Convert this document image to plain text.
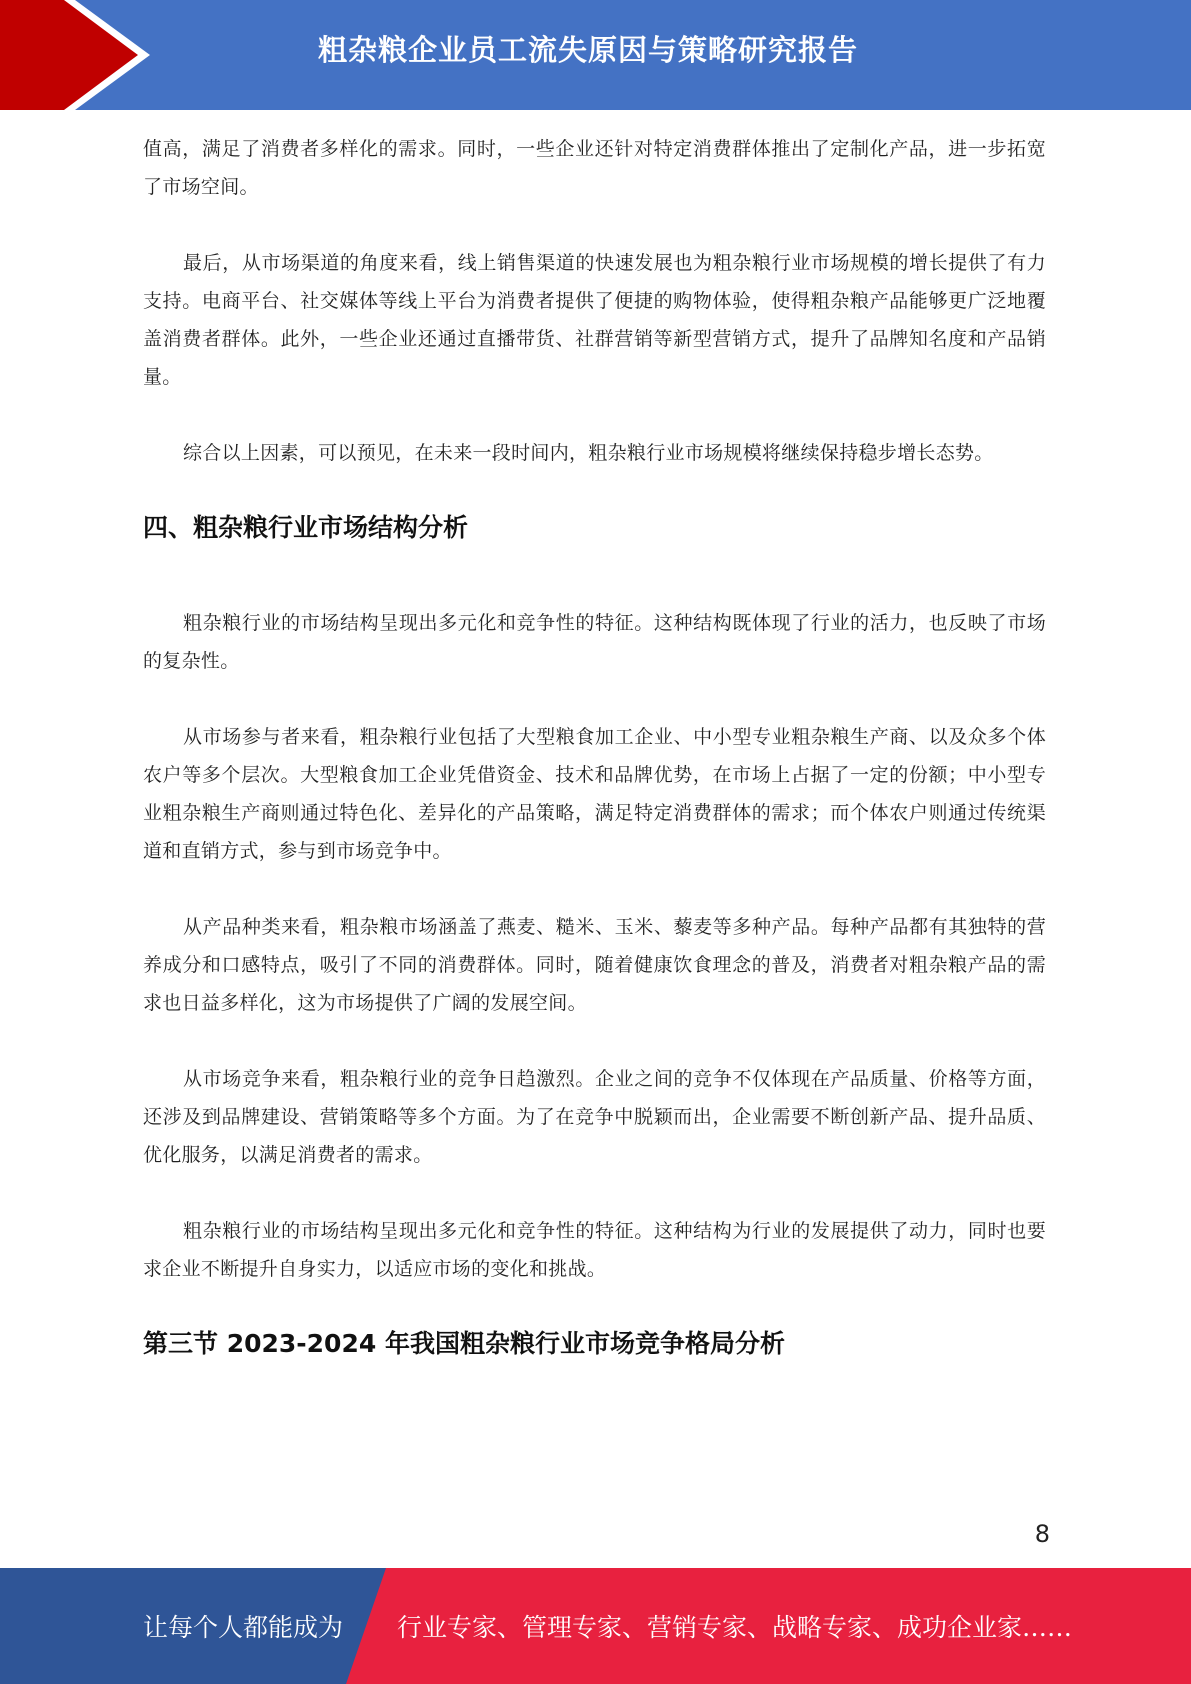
粗杂粮企业员工流失原因与策略研究报告

值高，满足了消费者多样化的需求。同时，一些企业还针对特定消费群体推出了定制化产品，进一步拓宽了市场空间。

最后，从市场渠道的角度来看，线上销售渠道的快速发展也为粗杂粮行业市场规模的增长提供了有力支持。电商平台、社交媒体等线上平台为消费者提供了便捷的购物体验，使得粗杂粮产品能够更广泛地覆盖消费者群体。此外，一些企业还通过直播带货、社群营销等新型营销方式，提升了品牌知名度和产品销量。

综合以上因素，可以预见，在未来一段时间内，粗杂粮行业市场规模将继续保持稳步增长态势。

四、粗杂粮行业市场结构分析

粗杂粮行业的市场结构呈现出多元化和竞争性的特征。这种结构既体现了行业的活力，也反映了市场的复杂性。

从市场参与者来看，粗杂粮行业包括了大型粮食加工企业、中小型专业粗杂粮生产商、以及众多个体农户等多个层次。大型粮食加工企业凭借资金、技术和品牌优势，在市场上占据了一定的份额；中小型专业粗杂粮生产商则通过特色化、差异化的产品策略，满足特定消费群体的需求；而个体农户则通过传统渠道和直销方式，参与到市场竞争中。

从产品种类来看，粗杂粮市场涵盖了燕麦、糙米、玉米、藜麦等多种产品。每种产品都有其独特的营养成分和口感特点，吸引了不同的消费群体。同时，随着健康饮食理念的普及，消费者对粗杂粮产品的需求也日益多样化，这为市场提供了广阔的发展空间。

从市场竞争来看，粗杂粮行业的竞争日趋激烈。企业之间的竞争不仅体现在产品质量、价格等方面，还涉及到品牌建设、营销策略等多个方面。为了在竞争中脱颖而出，企业需要不断创新产品、提升品质、优化服务，以满足消费者的需求。

粗杂粮行业的市场结构呈现出多元化和竞争性的特征。这种结构为行业的发展提供了动力，同时也要求企业不断提升自身实力，以适应市场的变化和挑战。

第三节 2023-2024 年我国粗杂粮行业市场竞争格局分析
8
让每个人都能成为 行业专家、管理专家、营销专家、战略专家、成功企业家……
